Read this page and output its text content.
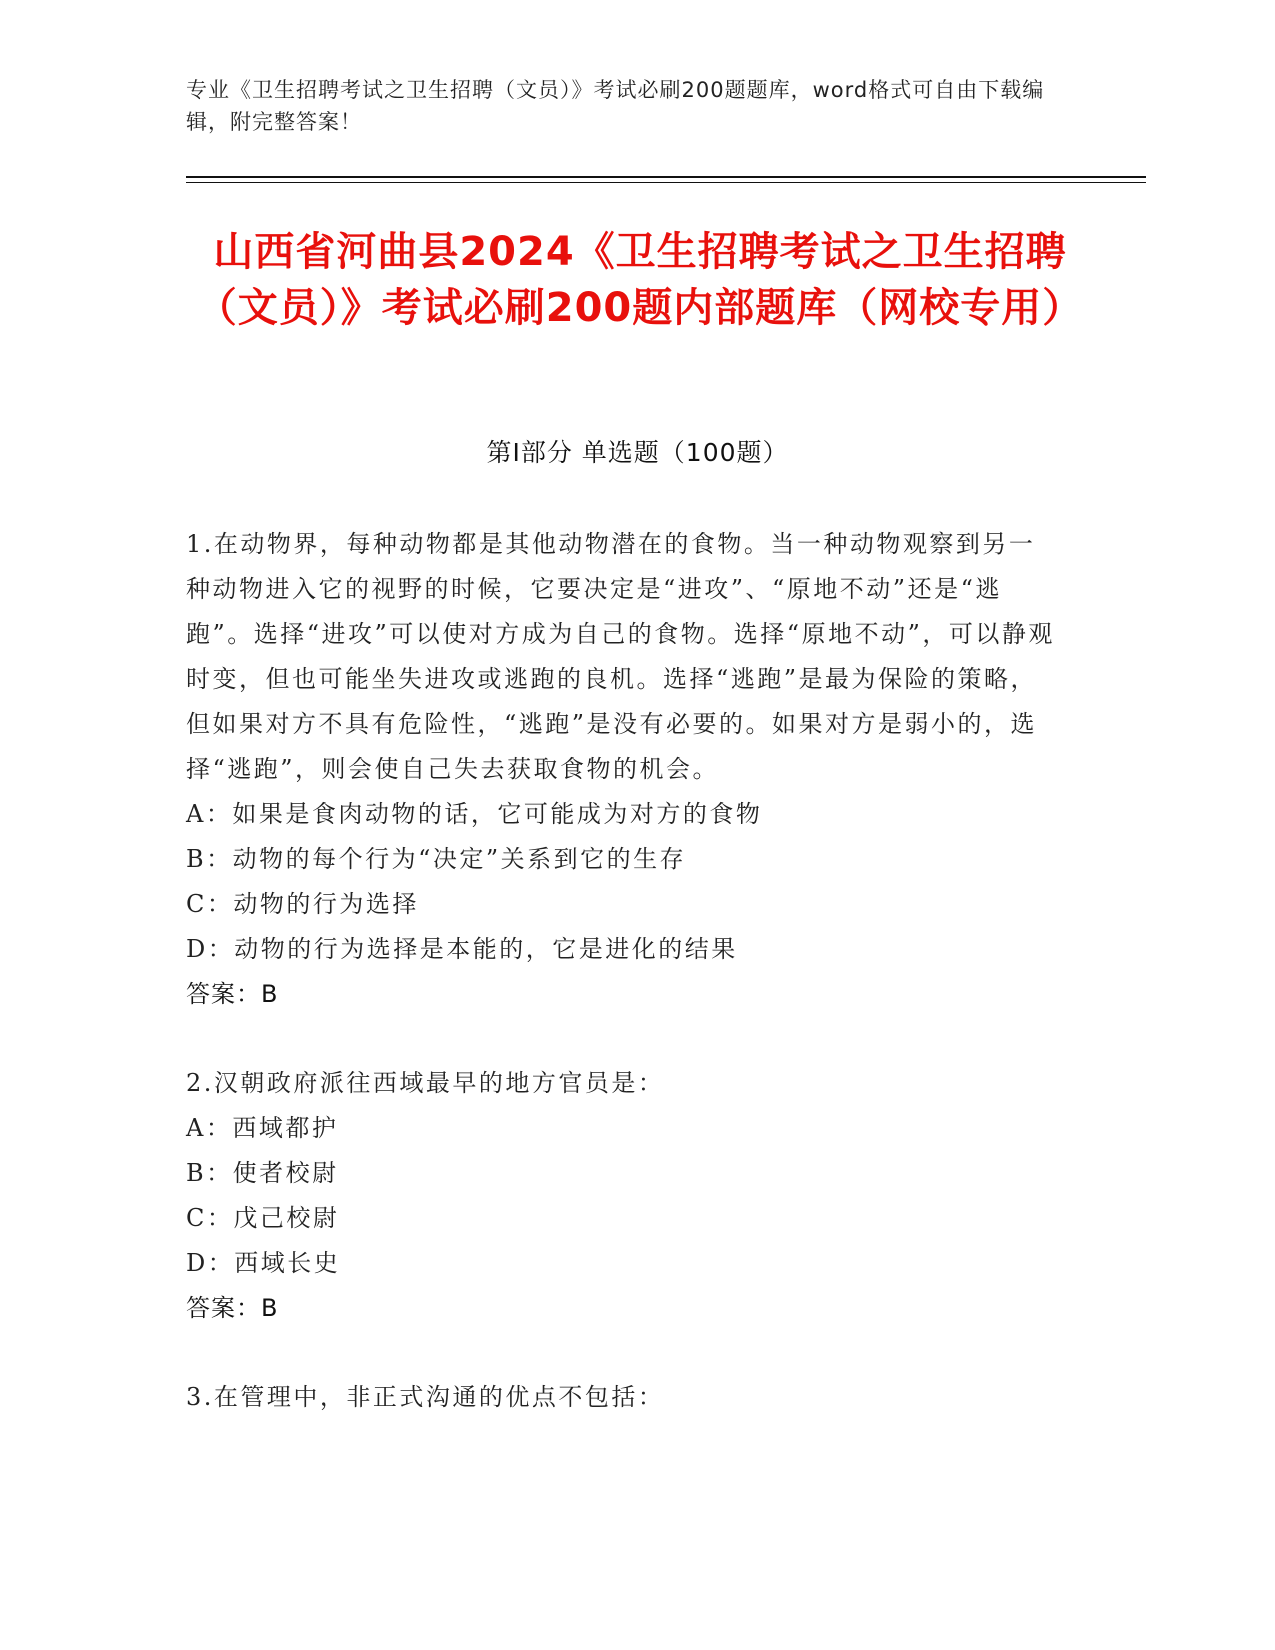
专业《卫生招聘考试之卫生招聘（文员）》考试必刷200题题库，word格式可自由下载编辑，附完整答案！
山西省河曲县2024《卫生招聘考试之卫生招聘（文员）》考试必刷200题内部题库（网校专用）
第Ⅰ部分 单选题（100题）

1.在动物界，每种动物都是其他动物潜在的食物。当一种动物观察到另一种动物进入它的视野的时候，它要决定是“进攻”、“原地不动”还是“逃跑”。选择“进攻”可以使对方成为自己的食物。选择“原地不动”，可以静观时变，但也可能坐失进攻或逃跑的良机。选择“逃跑”是最为保险的策略，但如果对方不具有危险性，“逃跑”是没有必要的。如果对方是弱小的，选择“逃跑”，则会使自己失去获取食物的机会。

A：如果是食肉动物的话，它可能成为对方的食物

B：动物的每个行为“决定”关系到它的生存

C：动物的行为选择

D：动物的行为选择是本能的，它是进化的结果

答案：B

2.汉朝政府派往西域最早的地方官员是：

A：西域都护

B：使者校尉

C：戊己校尉

D：西域长史

答案：B

3.在管理中，非正式沟通的优点不包括：
